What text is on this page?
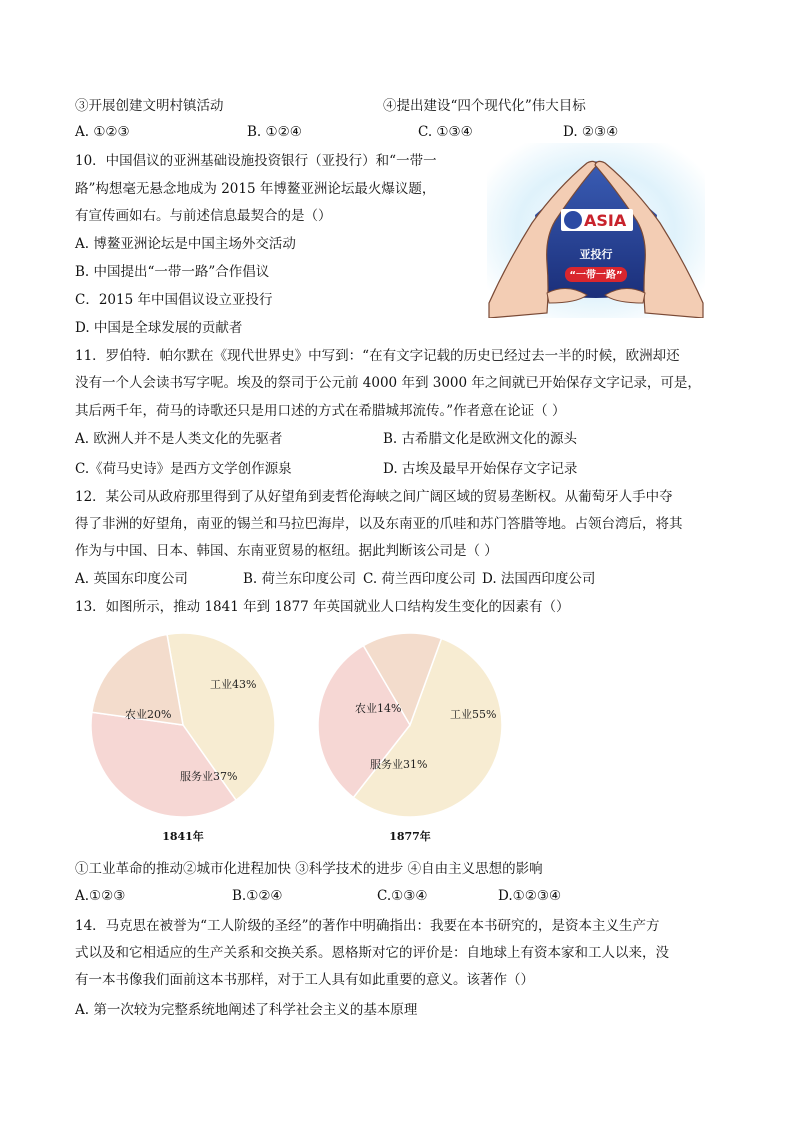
③开展创建文明村镇活动	④提出建设“四个现代化”伟大目标
A. ①②③	B. ①②④	C. ①③④	D. ②③④
10．中国倡议的亚洲基础设施投资银行（亚投行）和“一带一
路”构想毫无悬念地成为 2015 年博鳌亚洲论坛最火爆议题，
有宣传画如右。与前述信息最契合的是（）
A. 博鳌亚洲论坛是中国主场外交活动
B. 中国提出“一带一路”合作倡议
C．2015 年中国倡议设立亚投行
D. 中国是全球发展的贡献者
ASIA
亚投行
“一带一路”
11．罗伯特．帕尔默在《现代世界史》中写到：“在有文字记载的历史已经过去一半的时候，欧洲却还
没有一个人会读书写字呢。埃及的祭司于公元前 4000 年到 3000 年之间就已开始保存文字记录，可是，
其后两千年，荷马的诗歌还只是用口述的方式在希腊城邦流传。”作者意在论证（ ）
A. 欧洲人并不是人类文化的先驱者	B. 古希腊文化是欧洲文化的源头
C.《荷马史诗》是西方文学创作源泉	D. 古埃及最早开始保存文字记录
12．某公司从政府那里得到了从好望角到麦哲伦海峡之间广阔区域的贸易垄断权。从葡萄牙人手中夺
得了非洲的好望角，南亚的锡兰和马拉巴海岸，以及东南亚的爪哇和苏门答腊等地。占领台湾后，将其
作为与中国、日本、韩国、东南亚贸易的枢纽。据此判断该公司是（ ）
A. 英国东印度公司	B. 荷兰东印度公司 C. 荷兰西印度公司 D. 法国西印度公司
13．如图所示，推动 1841 年到 1877 年英国就业人口结构发生变化的因素有（）
工业43%
服务业37%
农业20%
1841年
工业55%
服务业31%
农业14%
1877年
①工业革命的推动②城市化进程加快 ③科学技术的进步 ④自由主义思想的影响
A.①②③	B.①②④	C.①③④	D.①②③④
14．马克思在被誉为“工人阶级的圣经”的著作中明确指出：我要在本书研究的，是资本主义生产方
式以及和它相适应的生产关系和交换关系。恩格斯对它的评价是：自地球上有资本家和工人以来，没
有一本书像我们面前这本书那样，对于工人具有如此重要的意义。该著作（）
A. 第一次较为完整系统地阐述了科学社会主义的基本原理
